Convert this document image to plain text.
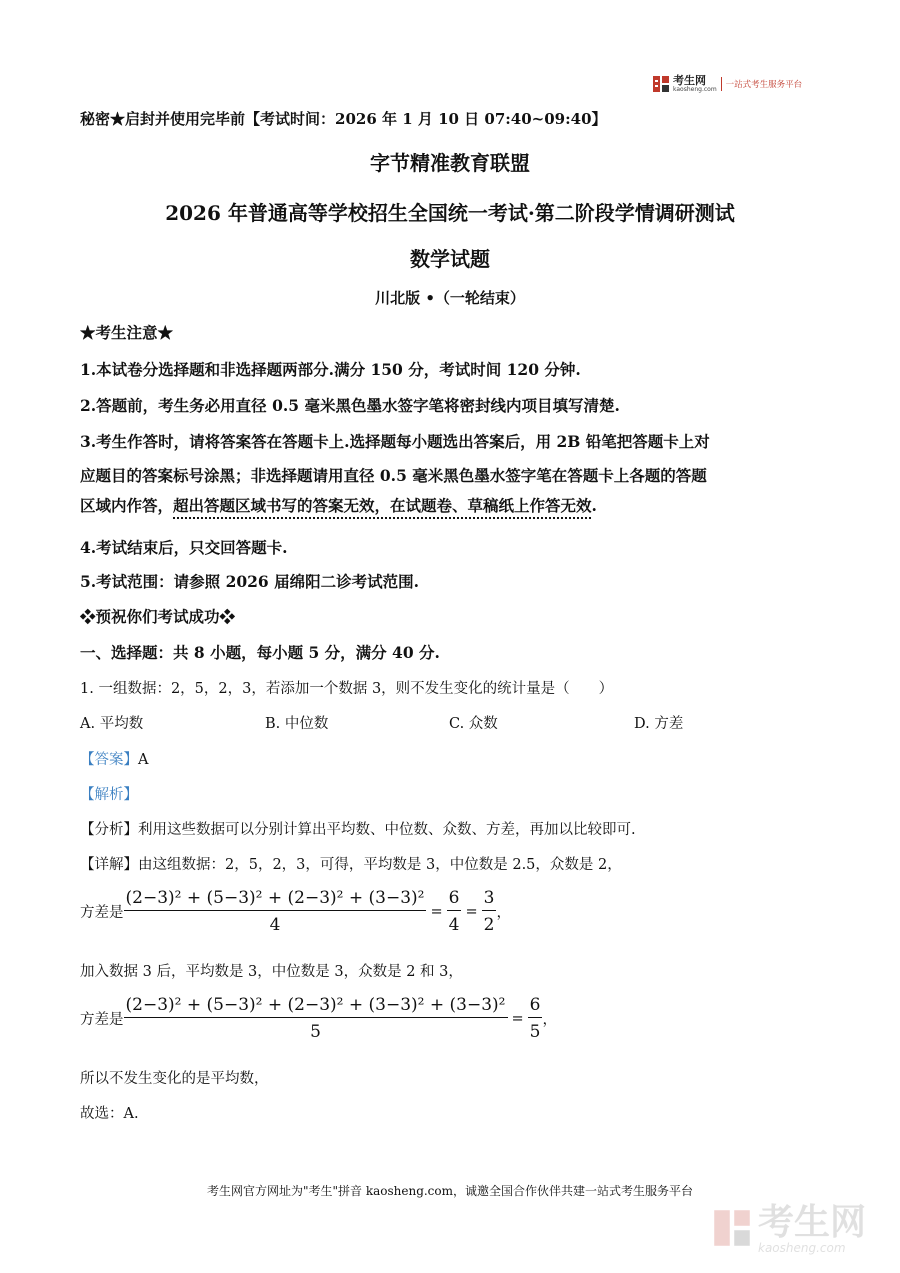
考生网
kaosheng.com 一站式考生服务平台
秘密★启封并使用完毕前【考试时间：2026 年 1 月 10 日 07:40~09:40】
字节精准教育联盟
2026 年普通高等学校招生全国统一考试·第二阶段学情调研测试
数学试题
川北版 •（一轮结束）
★考生注意★
1.本试卷分选择题和非选择题两部分.满分 150 分，考试时间 120 分钟.
2.答题前，考生务必用直径 0.5 毫米黑色墨水签字笔将密封线内项目填写清楚.
3.考生作答时，请将答案答在答题卡上.选择题每小题选出答案后，用 2B 铅笔把答题卡上对
应题目的答案标号涂黑；非选择题请用直径 0.5 毫米黑色墨水签字笔在答题卡上各题的答题
区域内作答，超出答题区域书写的答案无效，在试题卷、草稿纸上作答无效.
4.考试结束后，只交回答题卡.
5.考试范围：请参照 2026 届绵阳二诊考试范围.
❖预祝你们考试成功❖
一、选择题：共 8 小题，每小题 5 分，满分 40 分.
1. 一组数据：2，5，2，3，若添加一个数据 3，则不发生变化的统计量是（　　）
A. 平均数	B. 中位数	C. 众数	D. 方差
【答案】A
【解析】
【分析】利用这些数据可以分别计算出平均数、中位数、众数、方差，再加以比较即可.
【详解】由这组数据：2，5，2，3，可得，平均数是 3，中位数是 2.5，众数是 2，
方差是 $\frac{\text{(2−3)² + (5−3)² + (2−3)² + (3−3)²}}{4} = \frac{6}{4} = \frac{3}{2}$ ，
加入数据 3 后，平均数是 3，中位数是 3，众数是 2 和 3，
方差是 $\frac{\text{(2−3)² + (5−3)² + (2−3)² + (3−3)² + (3−3)²}}{5} = \frac{6}{5}$ ，
所以不发生变化的是平均数，
故选：A.
考生网官方网址为"考生"拼音 kaosheng.com，诚邀全国合作伙伴共建一站式考生服务平台
考生网
kaosheng.com
